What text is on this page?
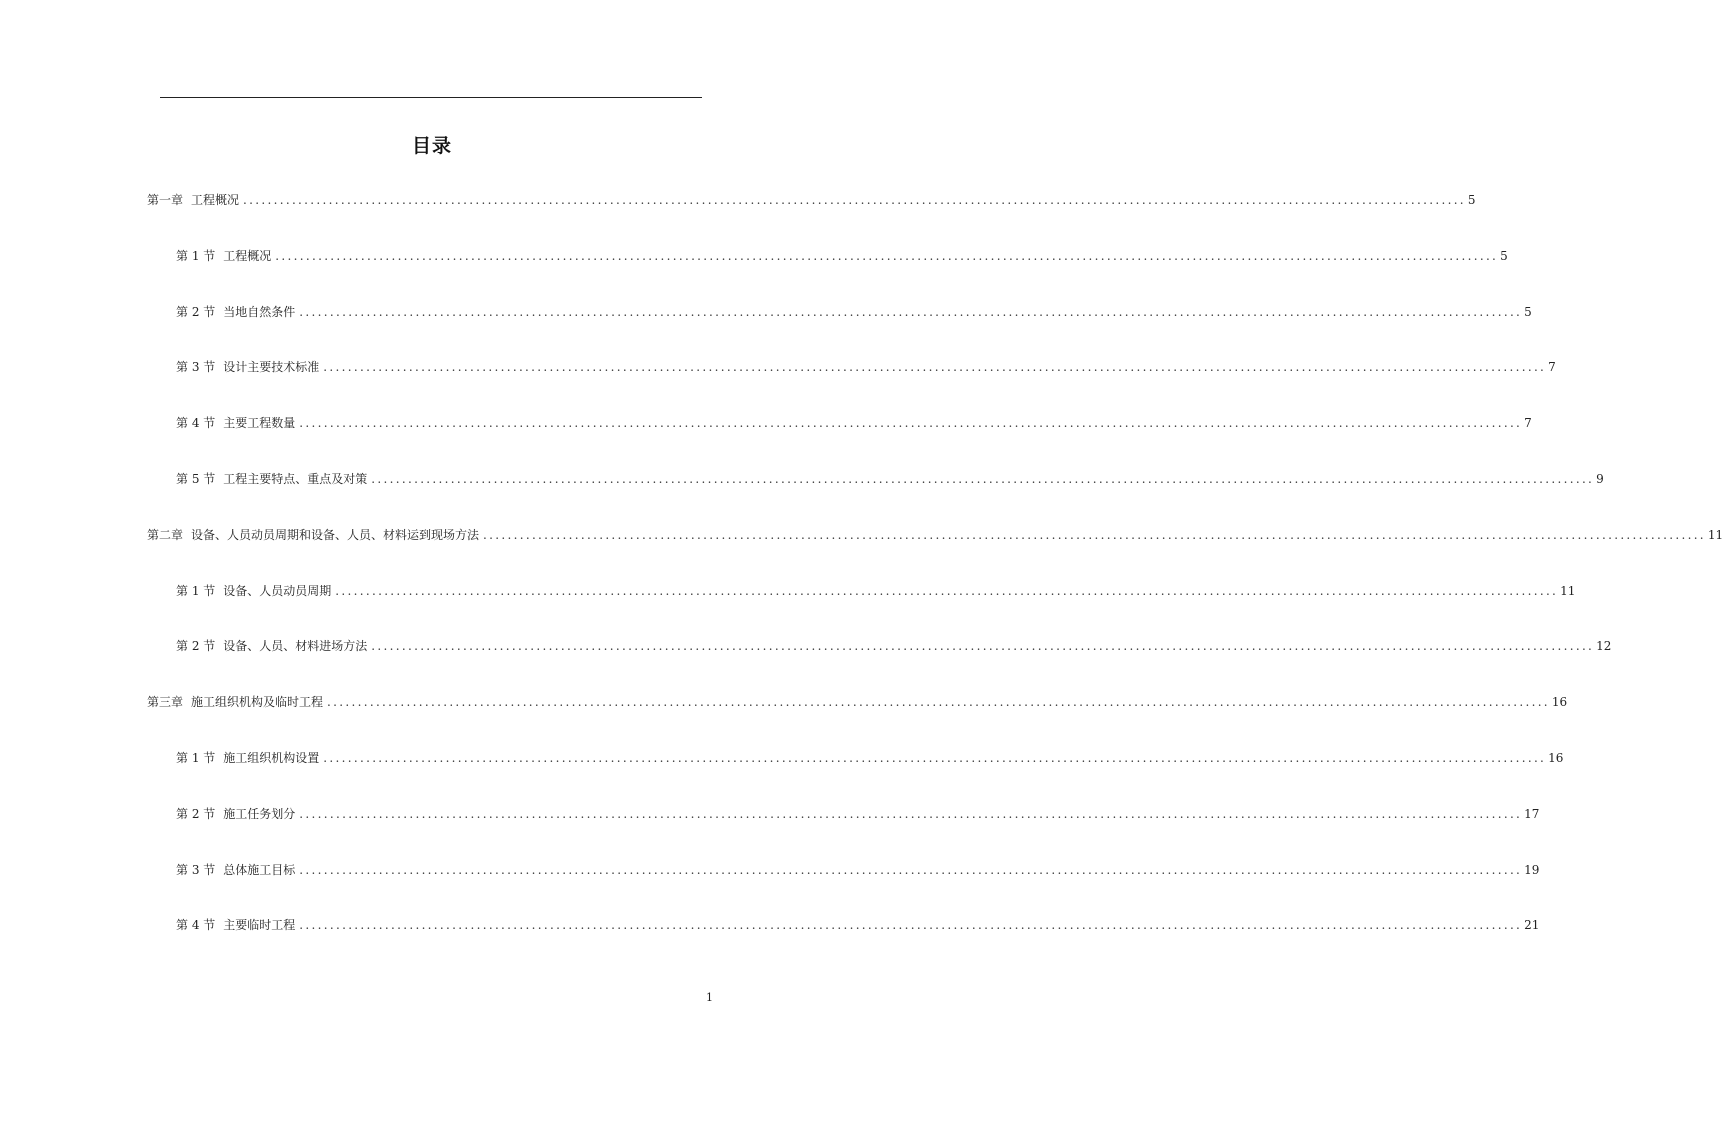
目录
第一章 工程概况 ........................................................................................................................................................................................................ 5
第 1 节 工程概况 ........................................................................................................................................................................................................ 5
第 2 节 当地自然条件 ........................................................................................................................................................................................................ 5
第 3 节 设计主要技术标准 ........................................................................................................................................................................................................ 7
第 4 节 主要工程数量 ........................................................................................................................................................................................................ 7
第 5 节 工程主要特点、重点及对策 ........................................................................................................................................................................................................ 9
第二章 设备、人员动员周期和设备、人员、材料运到现场方法 ........................................................................................................................................................................................................ 11
第 1 节 设备、人员动员周期 ........................................................................................................................................................................................................ 11
第 2 节 设备、人员、材料进场方法 ........................................................................................................................................................................................................ 12
第三章 施工组织机构及临时工程 ........................................................................................................................................................................................................ 16
第 1 节 施工组织机构设置 ........................................................................................................................................................................................................ 16
第 2 节 施工任务划分 ........................................................................................................................................................................................................ 17
第 3 节 总体施工目标 ........................................................................................................................................................................................................ 19
第 4 节 主要临时工程 ........................................................................................................................................................................................................ 21
1
